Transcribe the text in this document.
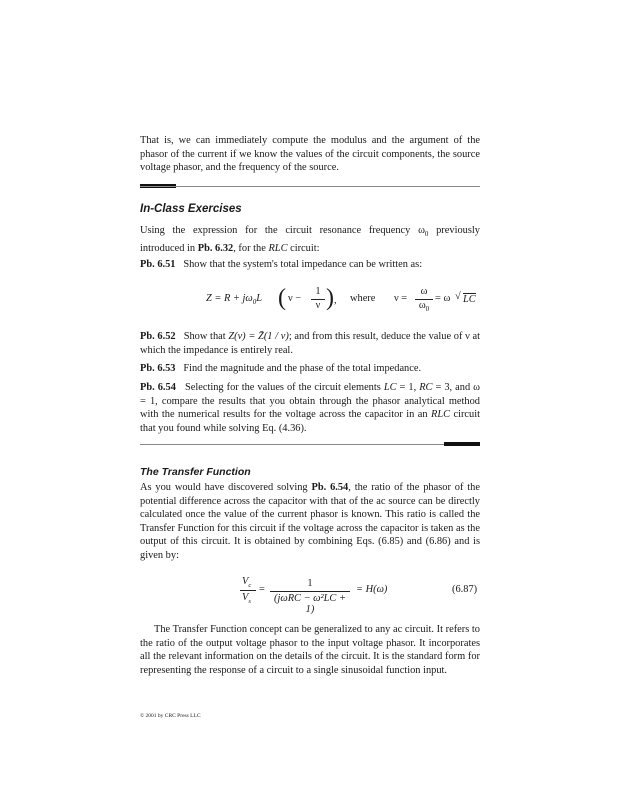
That is, we can immediately compute the modulus and the argument of the phasor of the current if we know the values of the circuit components, the source voltage phasor, and the frequency of the source.

In-Class Exercises

Using the expression for the circuit resonance frequency $\omega_0$ previously introduced in Pb. 6.32, for the RLC circuit:

Pb. 6.51 Show that the system's total impedance can be written as:

$Z = R + j\omega_0L$ ( ν −
1
ν ) , where ν =
ω
$\omega_0$
= ω √ LC

Pb. 6.52 Show that Z(ν) = Z̄(1 / ν); and from this result, deduce the value of ν at which the impedance is entirely real.

Pb. 6.53 Find the magnitude and the phase of the total impedance.

Pb. 6.54 Selecting for the values of the circuit elements LC = 1, RC = 3, and ω = 1, compare the results that you obtain through the phasor analytical method with the numerical results for the voltage across the capacitor in an RLC circuit that you found while solving Eq. (4.36).

The Transfer Function

As you would have discovered solving Pb. 6.54, the ratio of the phasor of the potential difference across the capacitor with that of the ac source can be directly calculated once the value of the current phasor is known. This ratio is called the Transfer Function for this circuit if the voltage across the capacitor is taken as the output of this circuit. It is obtained by combining Eqs. (6.85) and (6.86) and is given by:

$V_c$
$V_s$
=
1
(jωRC − ω²LC + 1)
= H(ω)	(6.87)

The Transfer Function concept can be generalized to any ac circuit. It refers to the ratio of the output voltage phasor to the input voltage phasor. It incorporates all the relevant information on the details of the circuit. It is the standard form for representing the response of a circuit to a single sinusoidal function input.

© 2001 by CRC Press LLC
